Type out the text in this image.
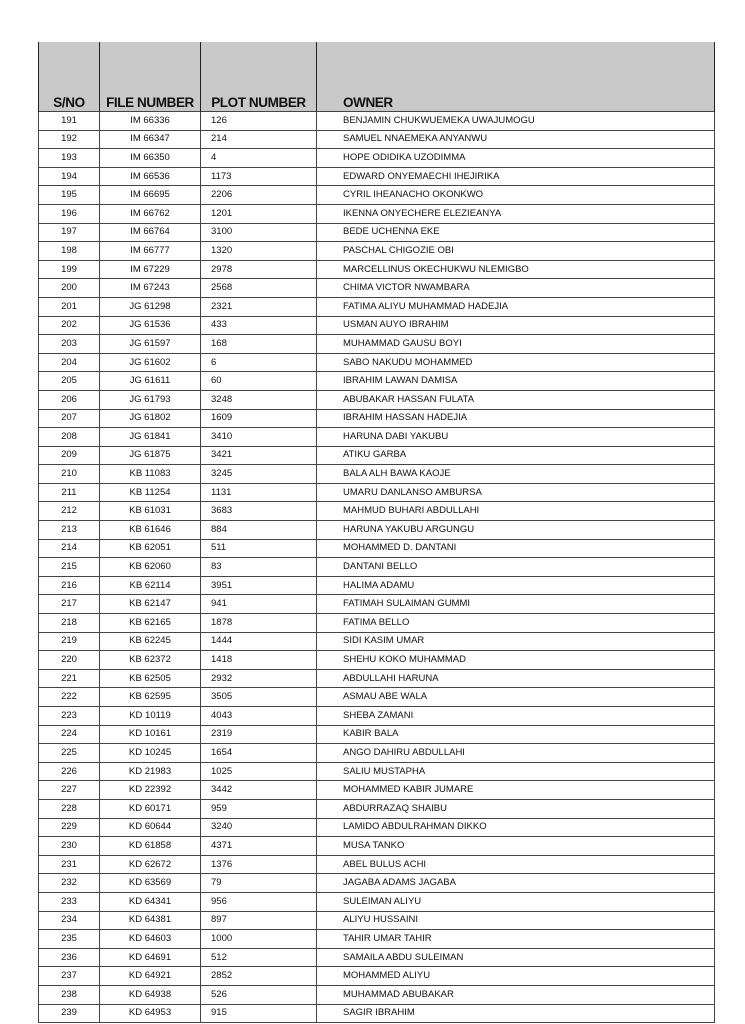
S/NO	FILE NUMBER	PLOT NUMBER	OWNER
191	IM 66336	126	BENJAMIN CHUKWUEMEKA UWAJUMOGU
192	IM 66347	214	SAMUEL NNAEMEKA ANYANWU
193	IM 66350	4	HOPE ODIDIKA UZODIMMA
194	IM 66536	1173	EDWARD ONYEMAECHI IHEJIRIKA
195	IM 66695	2206	CYRIL IHEANACHO OKONKWO
196	IM 66762	1201	IKENNA ONYECHERE ELEZIEANYA
197	IM 66764	3100	BEDE UCHENNA EKE
198	IM 66777	1320	PASCHAL CHIGOZIE OBI
199	IM 67229	2978	MARCELLINUS OKECHUKWU NLEMIGBO
200	IM 67243	2568	CHIMA VICTOR NWAMBARA
201	JG 61298	2321	FATIMA ALIYU MUHAMMAD HADEJIA
202	JG 61536	433	USMAN AUYO IBRAHIM
203	JG 61597	168	MUHAMMAD GAUSU BOYI
204	JG 61602	6	SABO NAKUDU MOHAMMED
205	JG 61611	60	IBRAHIM LAWAN DAMISA
206	JG 61793	3248	ABUBAKAR HASSAN FULATA
207	JG 61802	1609	IBRAHIM HASSAN HADEJIA
208	JG 61841	3410	HARUNA DABI YAKUBU
209	JG 61875	3421	ATIKU GARBA
210	KB 11083	3245	BALA ALH BAWA KAOJE
211	KB 11254	1131	UMARU DANLANSO AMBURSA
212	KB 61031	3683	MAHMUD BUHARI ABDULLAHI
213	KB 61646	884	HARUNA YAKUBU ARGUNGU
214	KB 62051	511	MOHAMMED D. DANTANI
215	KB 62060	83	DANTANI BELLO
216	KB 62114	3951	HALIMA ADAMU
217	KB 62147	941	FATIMAH SULAIMAN GUMMI
218	KB 62165	1878	FATIMA BELLO
219	KB 62245	1444	SIDI KASIM UMAR
220	KB 62372	1418	SHEHU KOKO MUHAMMAD
221	KB 62505	2932	ABDULLAHI HARUNA
222	KB 62595	3505	ASMAU ABE WALA
223	KD 10119	4043	SHEBA ZAMANI
224	KD 10161	2319	KABIR BALA
225	KD 10245	1654	ANGO DAHIRU ABDULLAHI
226	KD 21983	1025	SALIU MUSTAPHA
227	KD 22392	3442	MOHAMMED KABIR JUMARE
228	KD 60171	959	ABDURRAZAQ SHAIBU
229	KD 60644	3240	LAMIDO ABDULRAHMAN DIKKO
230	KD 61858	4371	MUSA TANKO
231	KD 62672	1376	ABEL BULUS ACHI
232	KD 63569	79	JAGABA ADAMS JAGABA
233	KD 64341	956	SULEIMAN ALIYU
234	KD 64381	897	ALIYU HUSSAINI
235	KD 64603	1000	TAHIR UMAR TAHIR
236	KD 64691	512	SAMAILA ABDU SULEIMAN
237	KD 64921	2852	MOHAMMED ALIYU
238	KD 64938	526	MUHAMMAD ABUBAKAR
239	KD 64953	915	SAGIR IBRAHIM
